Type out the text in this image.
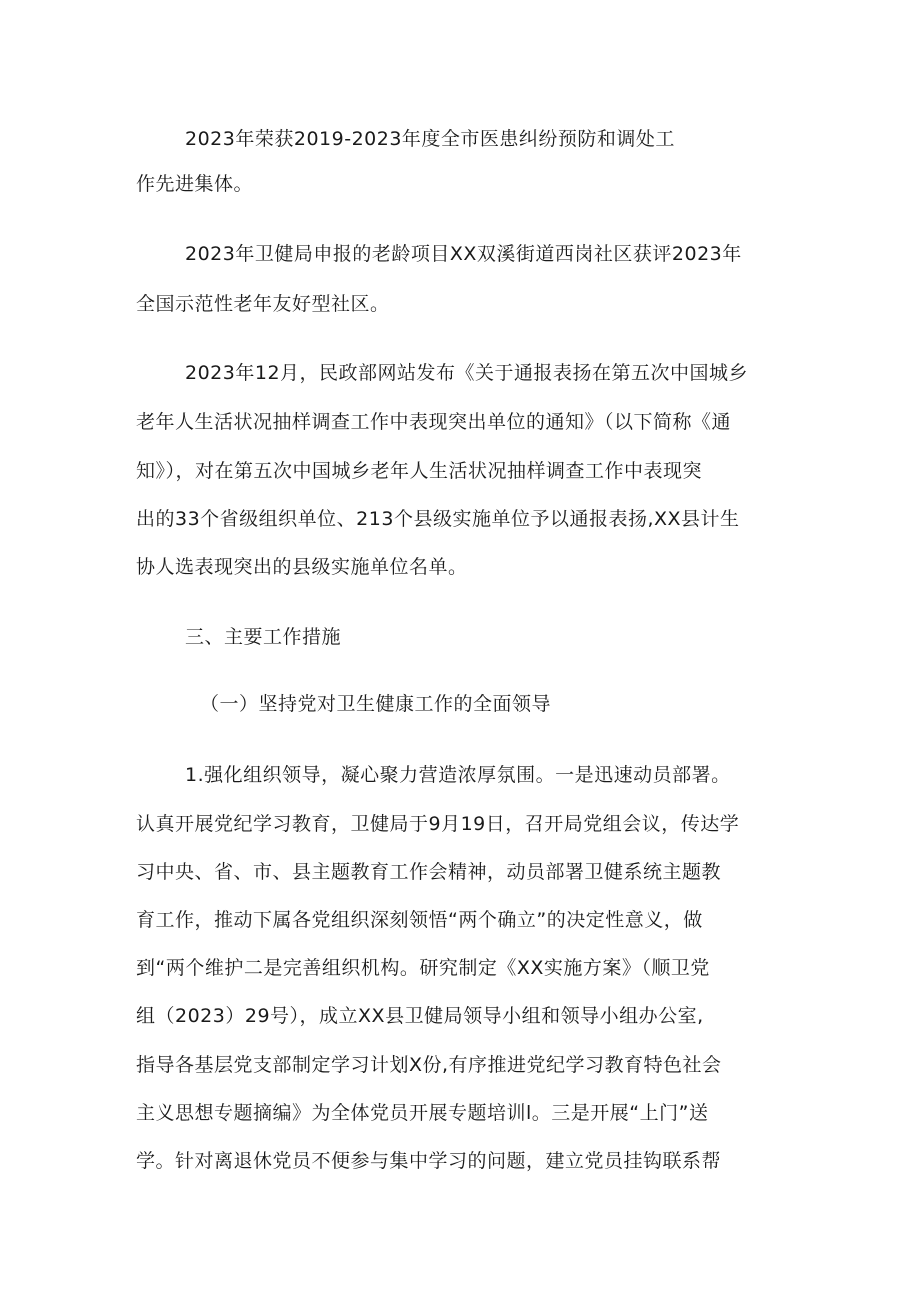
2023年荣获2019-2023年度全市医患纠纷预防和调处工
作先进集体。
2023年卫健局申报的老龄项目XX双溪街道西岗社区获评2023年
全国示范性老年友好型社区。
2023年12月，民政部网站发布《关于通报表扬在第五次中国城乡
老年人生活状况抽样调查工作中表现突出单位的通知》（以下简称《通
知》），对在第五次中国城乡老年人生活状况抽样调查工作中表现突
出的33个省级组织单位、213个县级实施单位予以通报表扬,XX县计生
协人选表现突出的县级实施单位名单。
三、主要工作措施
（一）坚持党对卫生健康工作的全面领导
1.强化组织领导，凝心聚力营造浓厚氛围。一是迅速动员部署。
认真开展党纪学习教育，卫健局于9月19日，召开局党组会议，传达学
习中央、省、市、县主题教育工作会精神，动员部署卫健系统主题教
育工作，推动下属各党组织深刻领悟“两个确立”的决定性意义，做
到“两个维护二是完善组织机构。研究制定《XX实施方案》（顺卫党
组（2023）29号），成立XX县卫健局领导小组和领导小组办公室,
指导各基层党支部制定学习计划X份,有序推进党纪学习教育特色社会
主义思想专题摘编》为全体党员开展专题培训l。三是开展“上门”送
学。针对离退休党员不便参与集中学习的问题，建立党员挂钩联系帮
